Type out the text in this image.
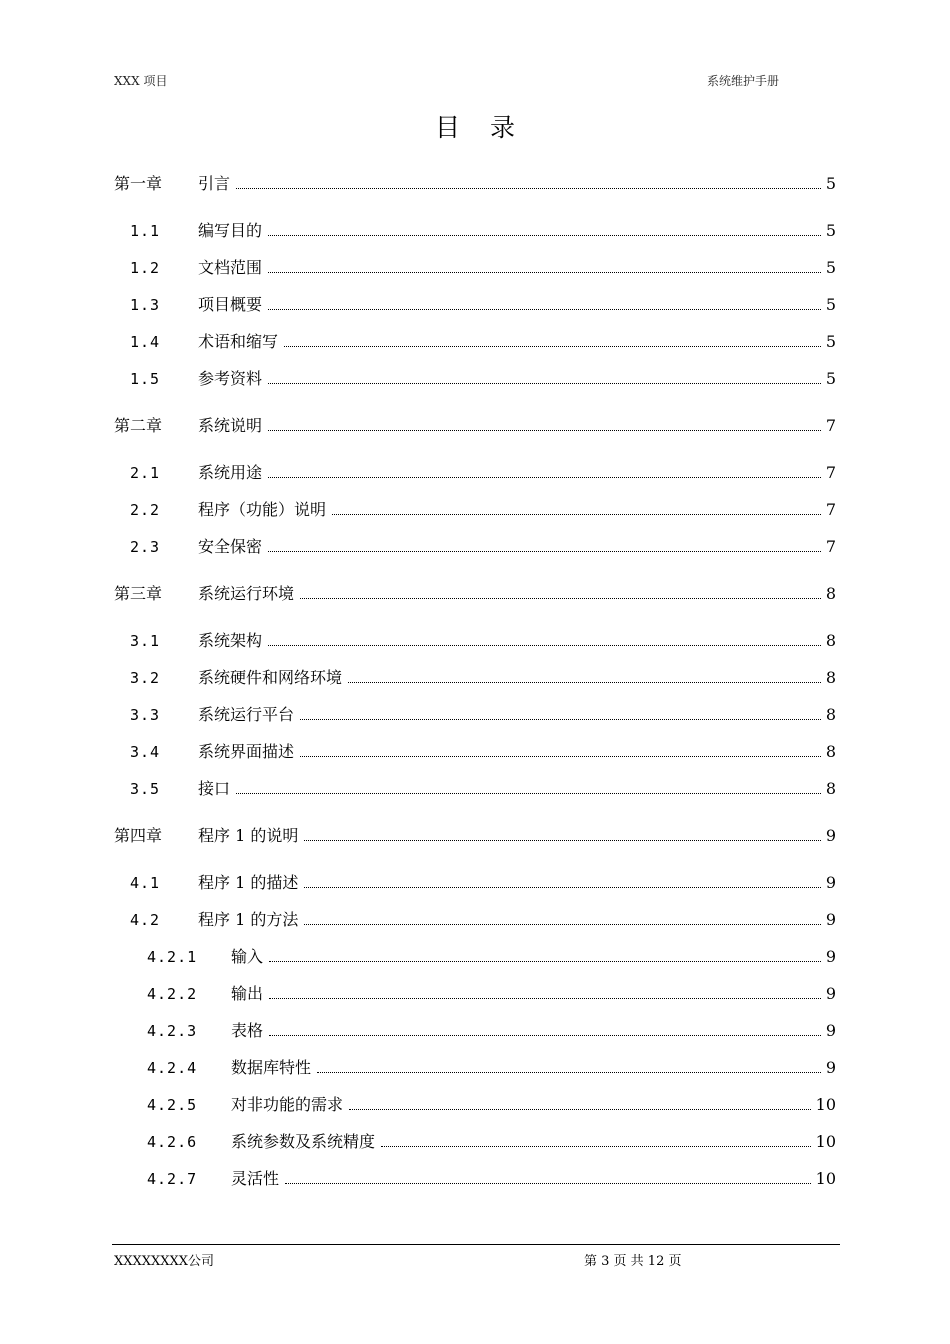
XXX 项目	系统维护手册
目录
第一章 引言	5
1.1 编写目的	5
1.2 文档范围	5
1.3 项目概要	5
1.4 术语和缩写	5
1.5 参考资料	5
第二章 系统说明	7
2.1 系统用途	7
2.2 程序（功能）说明	7
2.3 安全保密	7
第三章 系统运行环境	8
3.1 系统架构	8
3.2 系统硬件和网络环境	8
3.3 系统运行平台	8
3.4 系统界面描述	8
3.5 接口	8
第四章 程序 1 的说明	9
4.1 程序 1 的描述	9
4.2 程序 1 的方法	9
4.2.1 输入	9
4.2.2 输出	9
4.2.3 表格	9
4.2.4 数据库特性	9
4.2.5 对非功能的需求	10
4.2.6 系统参数及系统精度	10
4.2.7 灵活性	10
XXXXXXXX公司	第 3 页 共 12 页
